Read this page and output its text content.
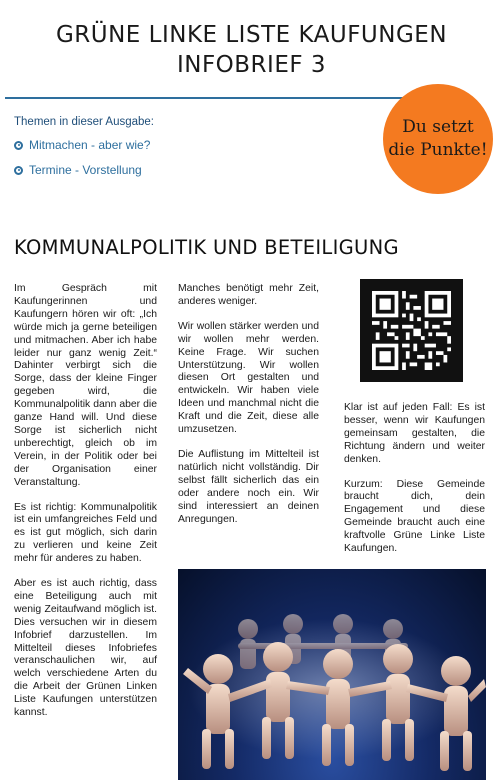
GRÜNE LINKE LISTE KAUFUNGEN
INFOBRIEF 3
Themen in dieser Ausgabe:
Mitmachen - aber wie?
Termine - Vorstellung
Du setzt
die Punkte!
KOMMUNALPOLITIK UND BETEILIGUNG

Im Gespräch mit Kaufungerinnen und Kaufungern hören wir oft: „Ich würde mich ja gerne beteiligen und mitmachen. Aber ich habe leider nur ganz wenig Zeit.“ Dahinter verbirgt sich die Sorge, dass der kleine Finger gegeben wird, die Kommunalpolitik dann aber die ganze Hand will. Und diese Sorge ist sicherlich nicht unberechtigt, gleich ob im Verein, in der Politik oder bei der Organisation einer Veranstaltung.

Es ist richtig: Kommunalpolitik ist ein umfangreiches Feld und es ist gut möglich, sich darin zu verlieren und keine Zeit mehr für anderes zu haben.

Aber es ist auch richtig, dass eine Beteiligung auch mit wenig Zeitaufwand möglich ist. Dies versuchen wir in diesem Infobrief darzustellen. Im Mittelteil dieses Infobriefes veranschaulichen wir, auf welch verschiedene Arten du die Arbeit der Grünen Linken Liste Kaufungen unterstützen kannst.

Manches benötigt mehr Zeit, anderes weniger.

Wir wollen stärker werden und wir wollen mehr werden. Keine Frage. Wir suchen Unterstützung. Wir wollen diesen Ort gestalten und entwickeln. Wir haben viele Ideen und manchmal nicht die Kraft und die Zeit, diese alle umzusetzen.

Die Auflistung im Mittelteil ist natürlich nicht vollständig. Dir selbst fällt sicherlich das ein oder andere noch ein. Wir sind interessiert an deinen Anregungen.

Klar ist auf jeden Fall: Es ist besser, wenn wir Kaufungen gemeinsam gestalten, die Richtung ändern und weiter denken.

Kurzum: Diese Gemeinde braucht dich, dein Engagement und diese Gemeinde braucht auch eine kraftvolle Grüne Linke Liste Kaufungen.
